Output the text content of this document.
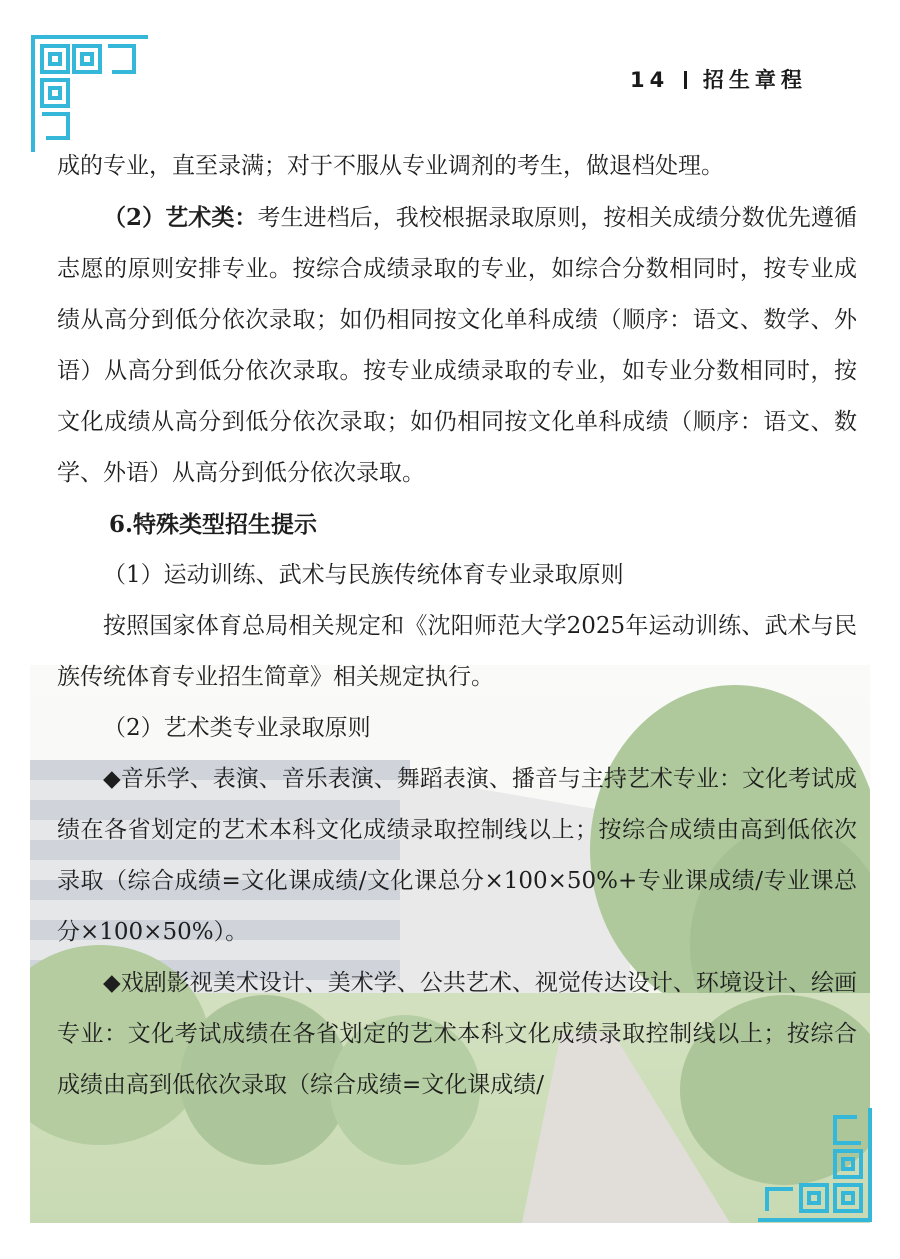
14 招生章程

成的专业，直至录满；对于不服从专业调剂的考生，做退档处理。

（2）艺术类：考生进档后，我校根据录取原则，按相关成绩分数优先遵循志愿的原则安排专业。按综合成绩录取的专业，如综合分数相同时，按专业成绩从高分到低分依次录取；如仍相同按文化单科成绩（顺序：语文、数学、外语）从高分到低分依次录取。按专业成绩录取的专业，如专业分数相同时，按文化成绩从高分到低分依次录取；如仍相同按文化单科成绩（顺序：语文、数学、外语）从高分到低分依次录取。

6.特殊类型招生提示

（1）运动训练、武术与民族传统体育专业录取原则

按照国家体育总局相关规定和《沈阳师范大学2025年运动训练、武术与民族传统体育专业招生简章》相关规定执行。

（2）艺术类专业录取原则

◆音乐学、表演、音乐表演、舞蹈表演、播音与主持艺术专业：文化考试成绩在各省划定的艺术本科文化成绩录取控制线以上；按综合成绩由高到低依次录取（综合成绩=文化课成绩/文化课总分×100×50%+专业课成绩/专业课总分×100×50%）。

◆戏剧影视美术设计、美术学、公共艺术、视觉传达设计、环境设计、绘画专业：文化考试成绩在各省划定的艺术本科文化成绩录取控制线以上；按综合成绩由高到低依次录取（综合成绩=文化课成绩/
